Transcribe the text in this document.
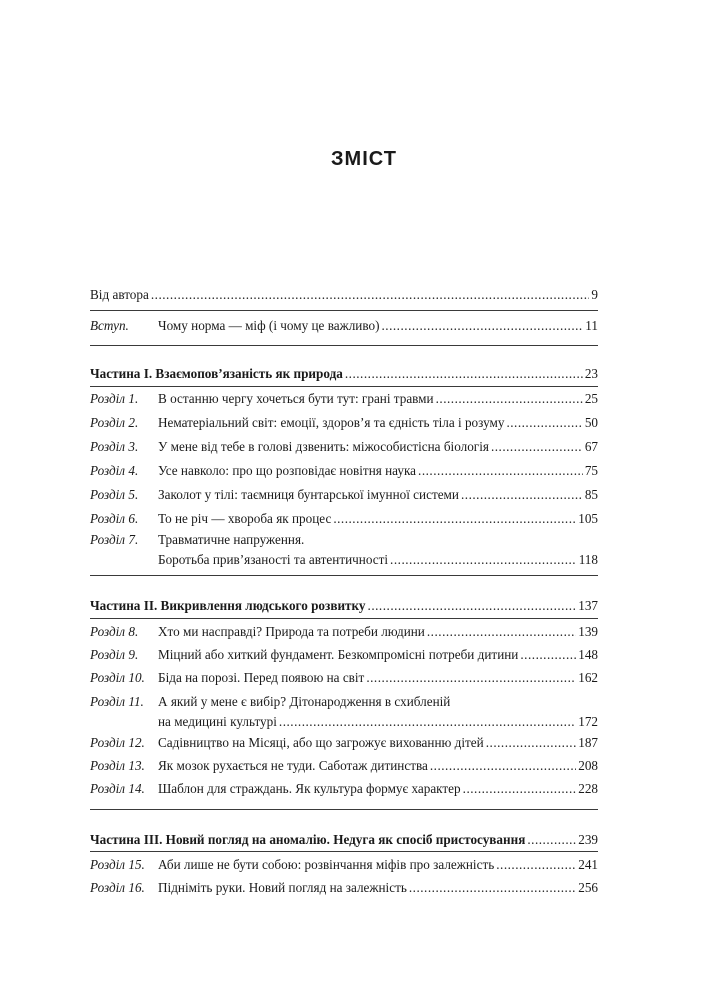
ЗМІСТ
Від автора .....	9
Вступ.	Чому норма — міф (і чому це важливо) .....	11
Частина I. Взаємопов’язаність як природа .....	23
Розділ 1.	В останню чергу хочеться бути тут: грані травми .....	25
Розділ 2.	Нематеріальний світ: емоції, здоров’я та єдність тіла і розуму .....	50
Розділ 3.	У мене від тебе в голові дзвенить: міжособистісна біологія .....	67
Розділ 4.	Усе навколо: про що розповідає новітня наука .....	75
Розділ 5.	Заколот у тілі: таємниця бунтарської імунної системи .....	85
Розділ 6.	То не річ — хвороба як процес .....	105
Розділ 7.	Травматичне напруження.
Боротьба прив’язаності та автентичності .....	118
Частина II. Викривлення людського розвитку .....	137
Розділ 8.	Хто ми насправді? Природа та потреби людини .....	139
Розділ 9.	Міцний або хиткий фундамент. Безкомпромісні потреби дитини .....	148
Розділ 10. Біда на порозі. Перед появою на світ .....	162
Розділ 11.	А який у мене є вибір? Дітонародження в схибленій
на медицині культурі .....	172
Розділ 12. Садівництво на Місяці, або що загрожує вихованню дітей .....	187
Розділ 13. Як мозок рухається не туди. Саботаж дитинства .....	208
Розділ 14. Шаблон для страждань. Як культура формує характер .....	228
Частина III. Новий погляд на аномалію. Недуга як спосіб пристосування .....	239
Розділ 15. Аби лише не бути собою: розвінчання міфів про залежність .....	241
Розділ 16. Підніміть руки. Новий погляд на залежність .....	256
